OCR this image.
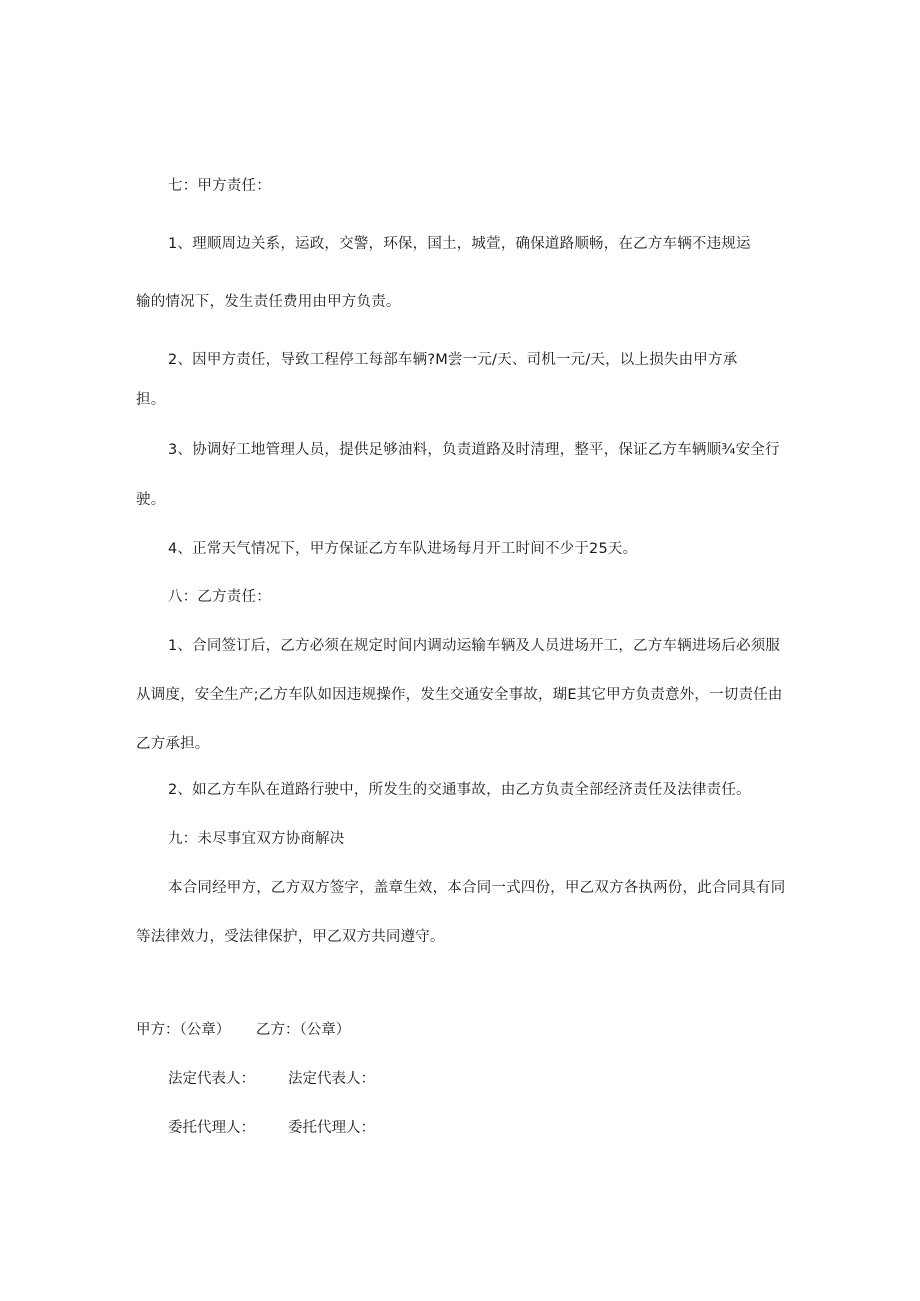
七：甲方责任：
1、理顺周边关系，运政，交警，环保，国土，城萱，确保道路顺畅，在乙方车辆不违规运
输的情况下，发生责任费用由甲方负责。
2、因甲方责任，导致工程停工每部车辆?M尝一元/天、司机一元/天，以上损失由甲方承
担。
3、协调好工地管理人员，提供足够油料，负责道路及时清理，整平，保证乙方车辆顺¾安全行
驶。
4、正常天气情况下，甲方保证乙方车队进场每月开工时间不少于25天。
八：乙方责任：
1、合同签订后，乙方必须在规定时间内调动运输车辆及人员进场开工，乙方车辆进场后必须服
从调度，安全生产;乙方车队如因违规操作，发生交通安全事故，瑚E其它甲方负责意外，一切责任由
乙方承担。
2、如乙方车队在道路行驶中，所发生的交通事故，由乙方负责全部经济责任及法律责任。
九：未尽事宜双方协商解决
本合同经甲方，乙方双方签字，盖章生效，本合同一式四份，甲乙双方各执两份，此合同具有同
等法律效力，受法律保护，甲乙双方共同遵守。
甲方：（公章） 乙方：（公章）
法定代表人： 法定代表人：
委托代理人： 委托代理人：
